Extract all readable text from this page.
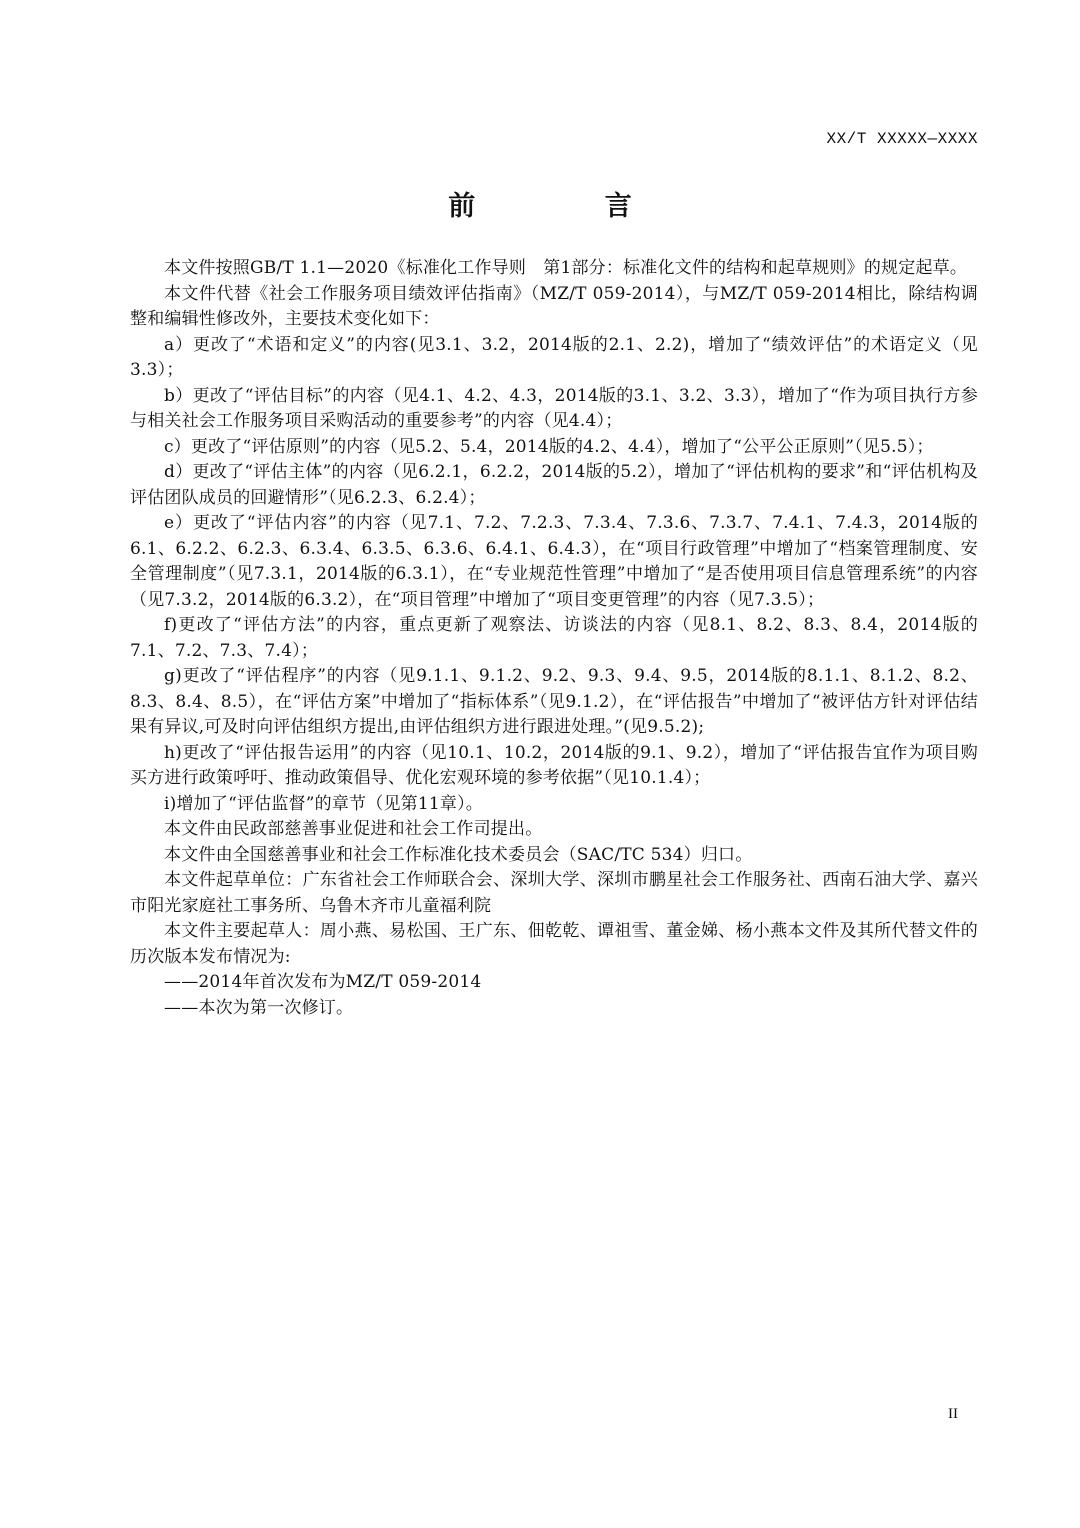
XX/T XXXXX—XXXX
前 言

本文件按照GB/T 1.1—2020《标准化工作导则　第1部分：标准化文件的结构和起草规则》的规定起草。

本文件代替《社会工作服务项目绩效评估指南》（MZ/T 059-2014），与MZ/T 059-2014相比，除结构调整和编辑性修改外，主要技术变化如下：

a）更改了“术语和定义”的内容(见3.1、3.2，2014版的2.1、2.2)，增加了“绩效评估”的术语定义（见3.3）；

b）更改了“评估目标”的内容（见4.1、4.2、4.3，2014版的3.1、3.2、3.3），增加了“作为项目执行方参与相关社会工作服务项目采购活动的重要参考”的内容（见4.4）；

c）更改了“评估原则”的内容（见5.2、5.4，2014版的4.2、4.4），增加了“公平公正原则”（见5.5）；

d）更改了“评估主体”的内容（见6.2.1，6.2.2，2014版的5.2），增加了“评估机构的要求”和“评估机构及评估团队成员的回避情形”（见6.2.3、6.2.4）；

e）更改了“评估内容”的内容（见7.1、7.2、7.2.3、7.3.4、7.3.6、7.3.7、7.4.1、7.4.3，2014版的6.1、6.2.2、6.2.3、6.3.4、6.3.5、6.3.6、6.4.1、6.4.3），在“项目行政管理”中增加了“档案管理制度、安全管理制度”（见7.3.1，2014版的6.3.1），在“专业规范性管理”中增加了“是否使用项目信息管理系统”的内容（见7.3.2，2014版的6.3.2），在“项目管理”中增加了“项目变更管理”的内容（见7.3.5）；

f)更改了“评估方法”的内容，重点更新了观察法、访谈法的内容（见8.1、8.2、8.3、8.4，2014版的7.1、7.2、7.3、7.4）；

g)更改了“评估程序”的内容（见9.1.1、9.1.2、9.2、9.3、9.4、9.5，2014版的8.1.1、8.1.2、8.2、8.3、8.4、8.5），在“评估方案”中增加了“指标体系”（见9.1.2），在“评估报告”中增加了“被评估方针对评估结果有异议,可及时向评估组织方提出,由评估组织方进行跟进处理。”(见9.5.2);

h)更改了“评估报告运用”的内容（见10.1、10.2，2014版的9.1、9.2），增加了“评估报告宜作为项目购买方进行政策呼吁、推动政策倡导、优化宏观环境的参考依据”（见10.1.4）；

i)增加了“评估监督”的章节（见第11章）。

本文件由民政部慈善事业促进和社会工作司提出。

本文件由全国慈善事业和社会工作标准化技术委员会（SAC/TC 534）归口。

本文件起草单位：广东省社会工作师联合会、深圳大学、深圳市鹏星社会工作服务社、西南石油大学、嘉兴市阳光家庭社工事务所、乌鲁木齐市儿童福利院

本文件主要起草人：周小燕、易松国、王广东、佃乾乾、谭祖雪、董金娣、杨小燕本文件及其所代替文件的历次版本发布情况为:

——2014年首次发布为MZ/T 059-2014

——本次为第一次修订。

II
